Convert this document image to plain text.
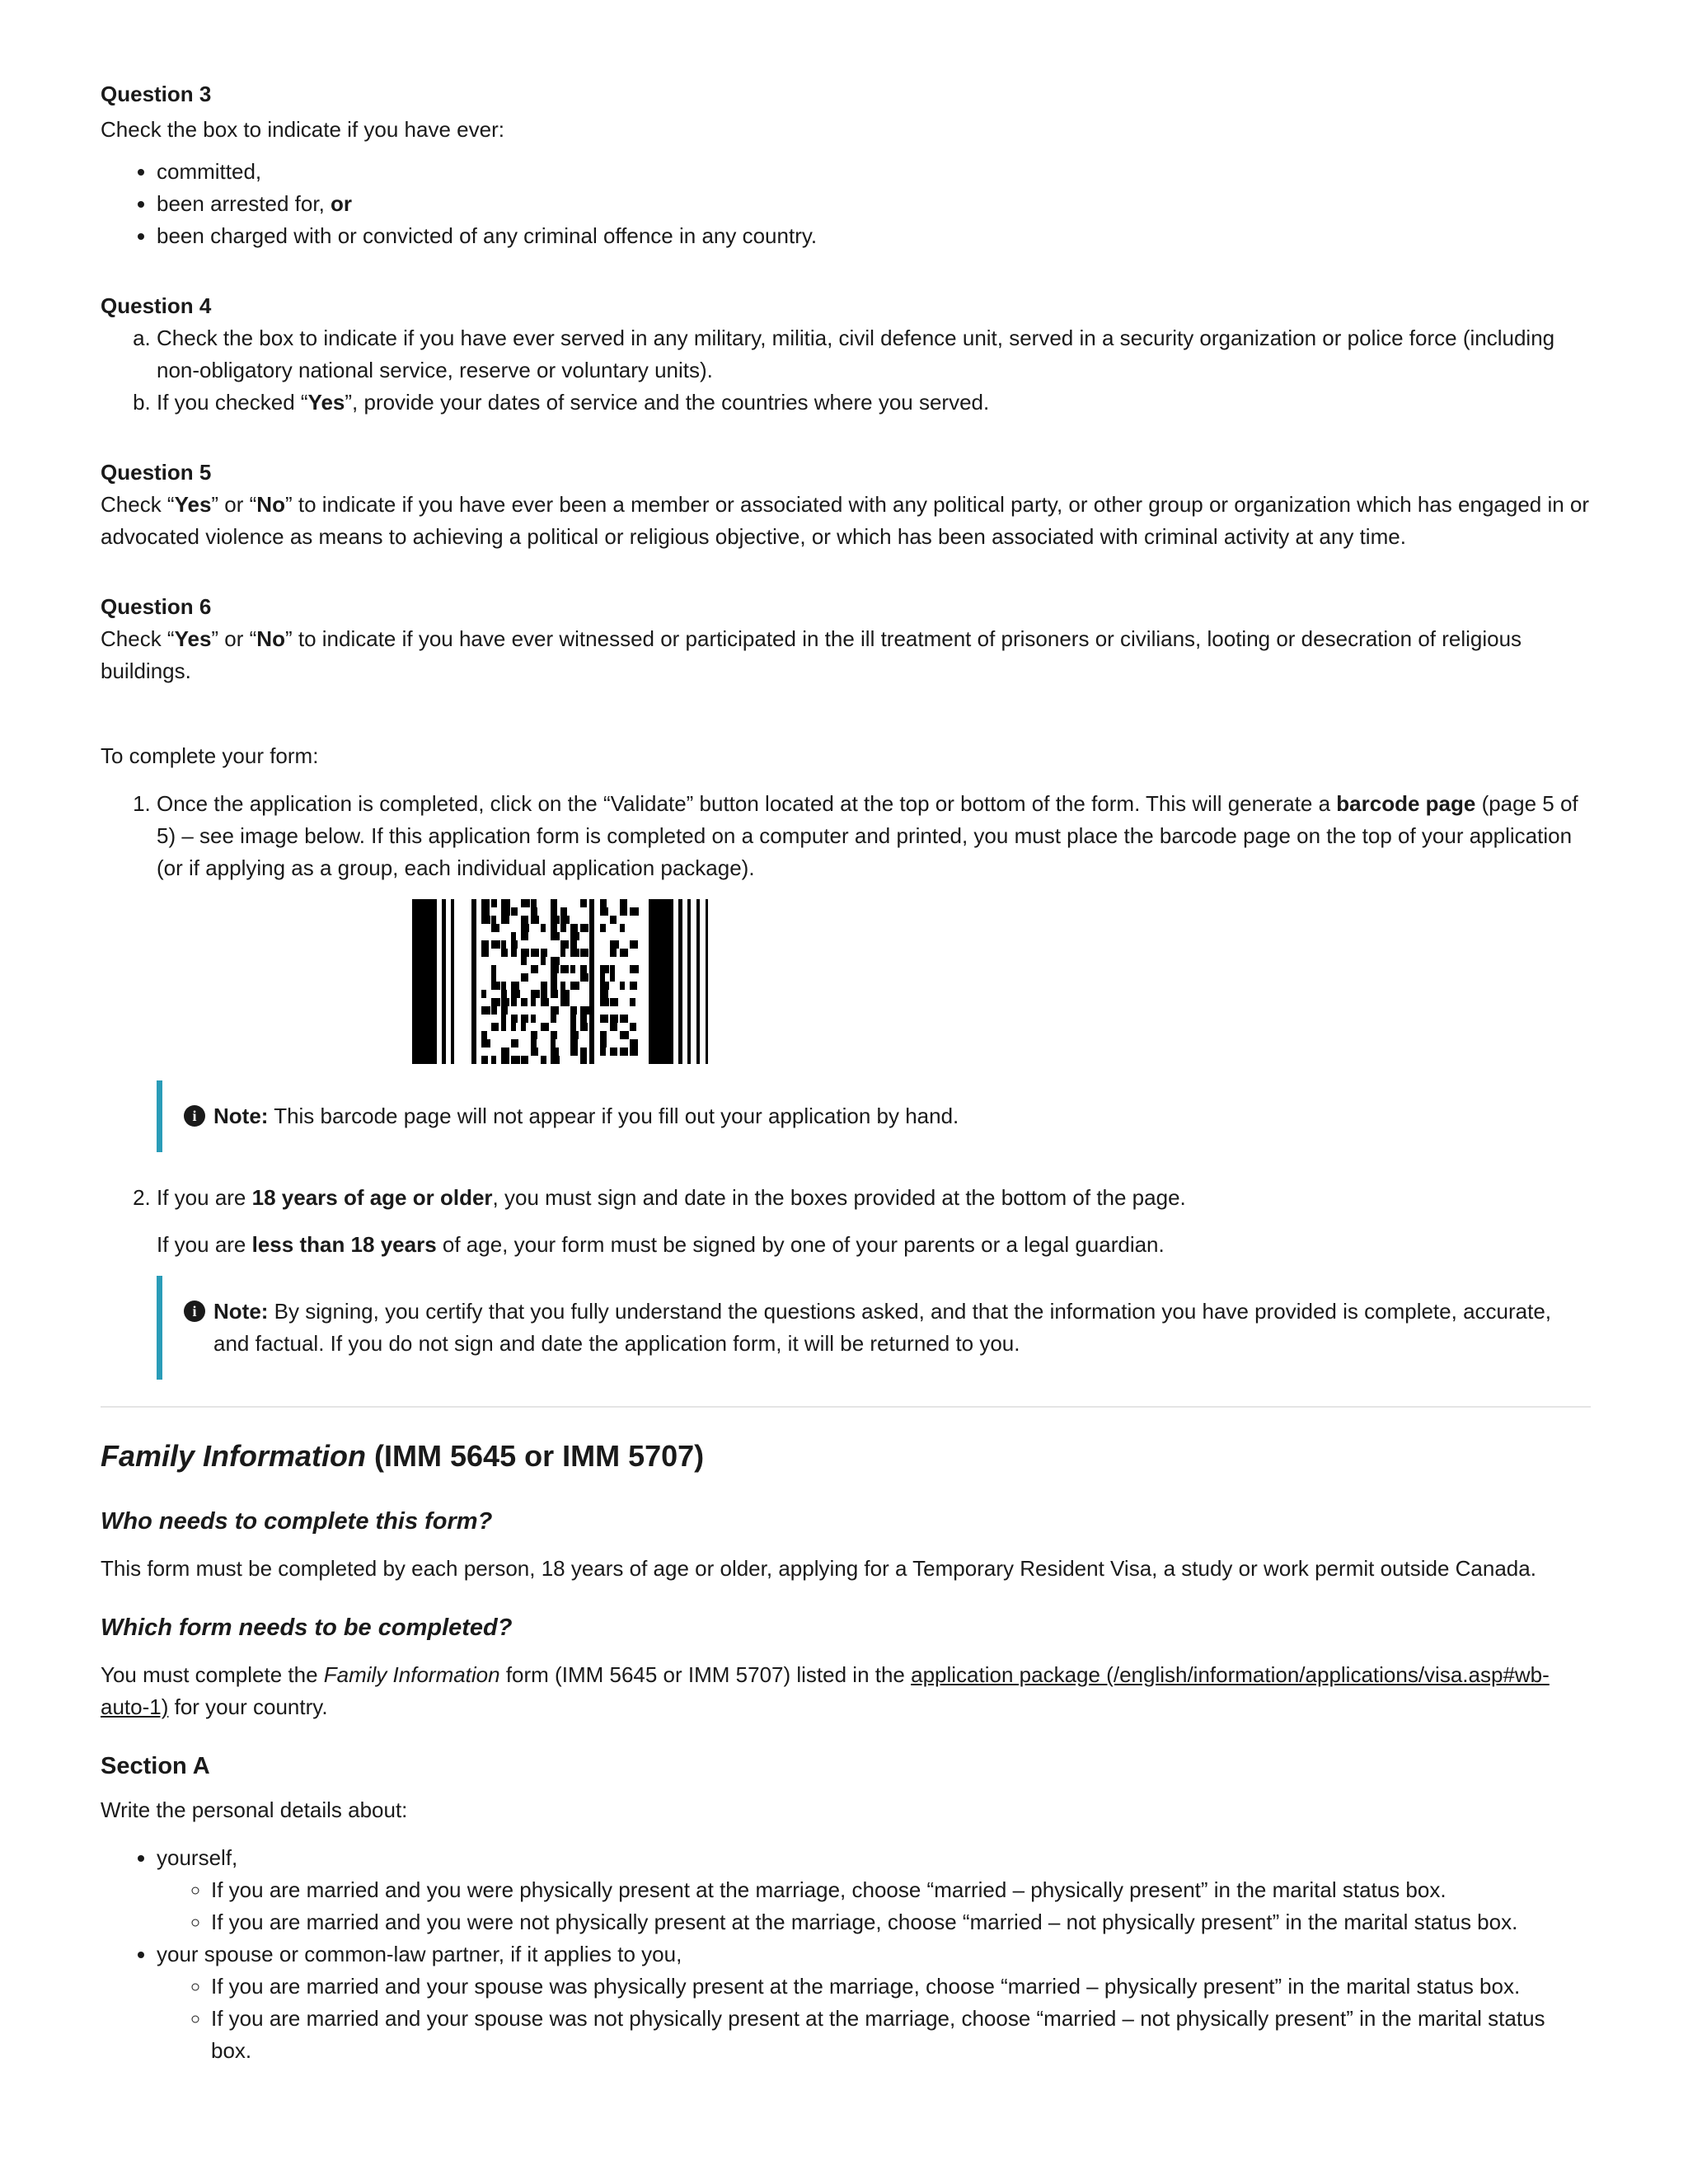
Question 3

Check the box to indicate if you have ever:

• committed,
• been arrested for, or
• been charged with or convicted of any criminal offence in any country.

Question 4

a. Check the box to indicate if you have ever served in any military, militia, civil defence unit, served in a security organization or police force (including non-obligatory national service, reserve or voluntary units).
b. If you checked “Yes”, provide your dates of service and the countries where you served.

Question 5

Check “Yes” or “No” to indicate if you have ever been a member or associated with any political party, or other group or organization which has engaged in or advocated violence as means to achieving a political or religious objective, or which has been associated with criminal activity at any time.

Question 6

Check “Yes” or “No” to indicate if you have ever witnessed or participated in the ill treatment of prisoners or civilians, looting or desecration of religious buildings.

To complete your form:

1. Once the application is completed, click on the “Validate” button located at the top or bottom of the form. This will generate a barcode page (page 5 of 5) – see image below. If this application form is completed on a computer and printed, you must place the barcode page on the top of your application (or if applying as a group, each individual application package).
i Note: This barcode page will not appear if you fill out your application by hand.

2. If you are 18 years of age or older, you must sign and date in the boxes provided at the bottom of the page.

If you are less than 18 years of age, your form must be signed by one of your parents or a legal guardian.

i Note: By signing, you certify that you fully understand the questions asked, and that the information you have provided is complete, accurate, and factual. If you do not sign and date the application form, it will be returned to you.
Family Information (IMM 5645 or IMM 5707)
Who needs to complete this form?

This form must be completed by each person, 18 years of age or older, applying for a Temporary Resident Visa, a study or work permit outside Canada.

Which form needs to be completed?

You must complete the Family Information form (IMM 5645 or IMM 5707) listed in the application package (/english/information/applications/visa.asp#wb-auto-1) for your country.

Section A

Write the personal details about:

• yourself,
◦ If you are married and you were physically present at the marriage, choose “married – physically present” in the marital status box.
◦ If you are married and you were not physically present at the marriage, choose “married – not physically present” in the marital status box.
• your spouse or common-law partner, if it applies to you,
◦ If you are married and your spouse was physically present at the marriage, choose “married – physically present” in the marital status box.
◦ If you are married and your spouse was not physically present at the marriage, choose “married – not physically present” in the marital status box.
